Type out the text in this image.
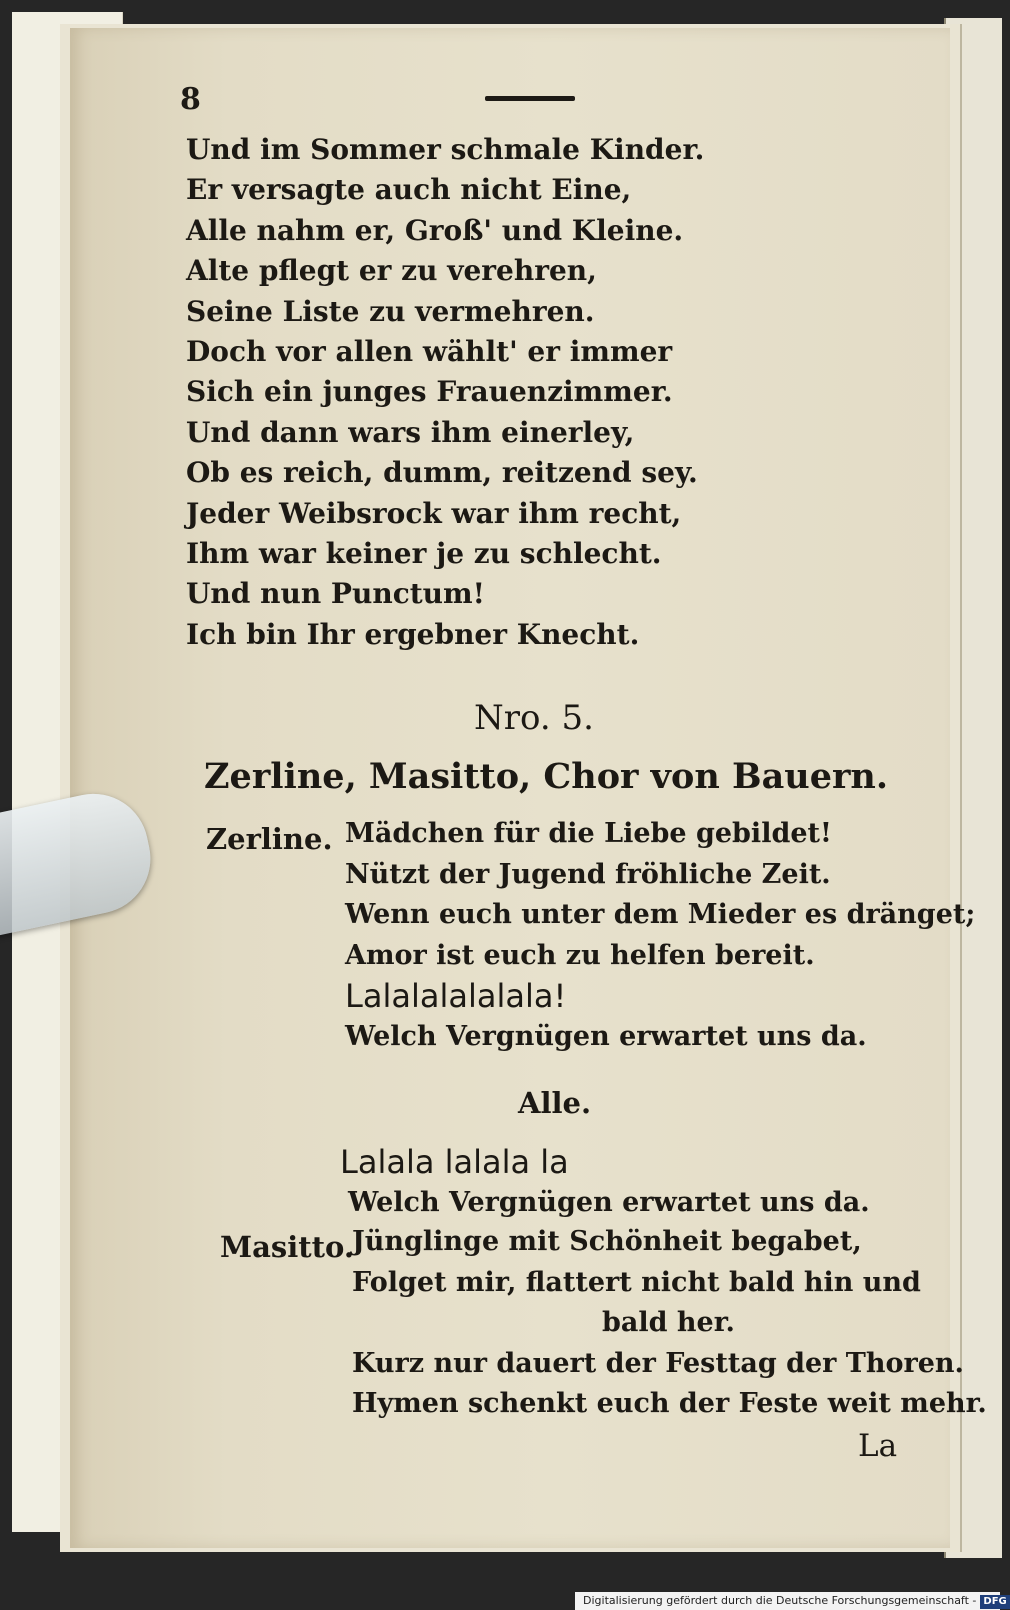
8
Und im Sommer schmale Kinder.
Er versagte auch nicht Eine,
Alle nahm er, Groß' und Kleine.
Alte pflegt er zu verehren,
Seine Liste zu vermehren.
Doch vor allen wählt' er immer
Sich ein junges Frauenzimmer.
Und dann wars ihm einerley,
Ob es reich, dumm, reitzend sey.
Jeder Weibsrock war ihm recht,
Ihm war keiner je zu schlecht.
Und nun Punctum!
Ich bin Ihr ergebner Knecht.
Nro. 5.
Zerline, Masitto, Chor von Bauern.
Zerline. Mädchen für die Liebe gebildet!
Nützt der Jugend fröhliche Zeit.
Wenn euch unter dem Mieder es dränget;
Amor ist euch zu helfen bereit.
Lalalalalalala!
Welch Vergnügen erwartet uns da.
Alle.
Lalala lalala la
Welch Vergnügen erwartet uns da.
Masitto.
Jünglinge mit Schönheit begabet,
Folget mir, flattert nicht bald hin und
bald her.
Kurz nur dauert der Festtag der Thoren.
Hymen schenkt euch der Feste weit mehr.
La
Digitalisierung gefördert durch die Deutsche Forschungsgemeinschaft - DFG
